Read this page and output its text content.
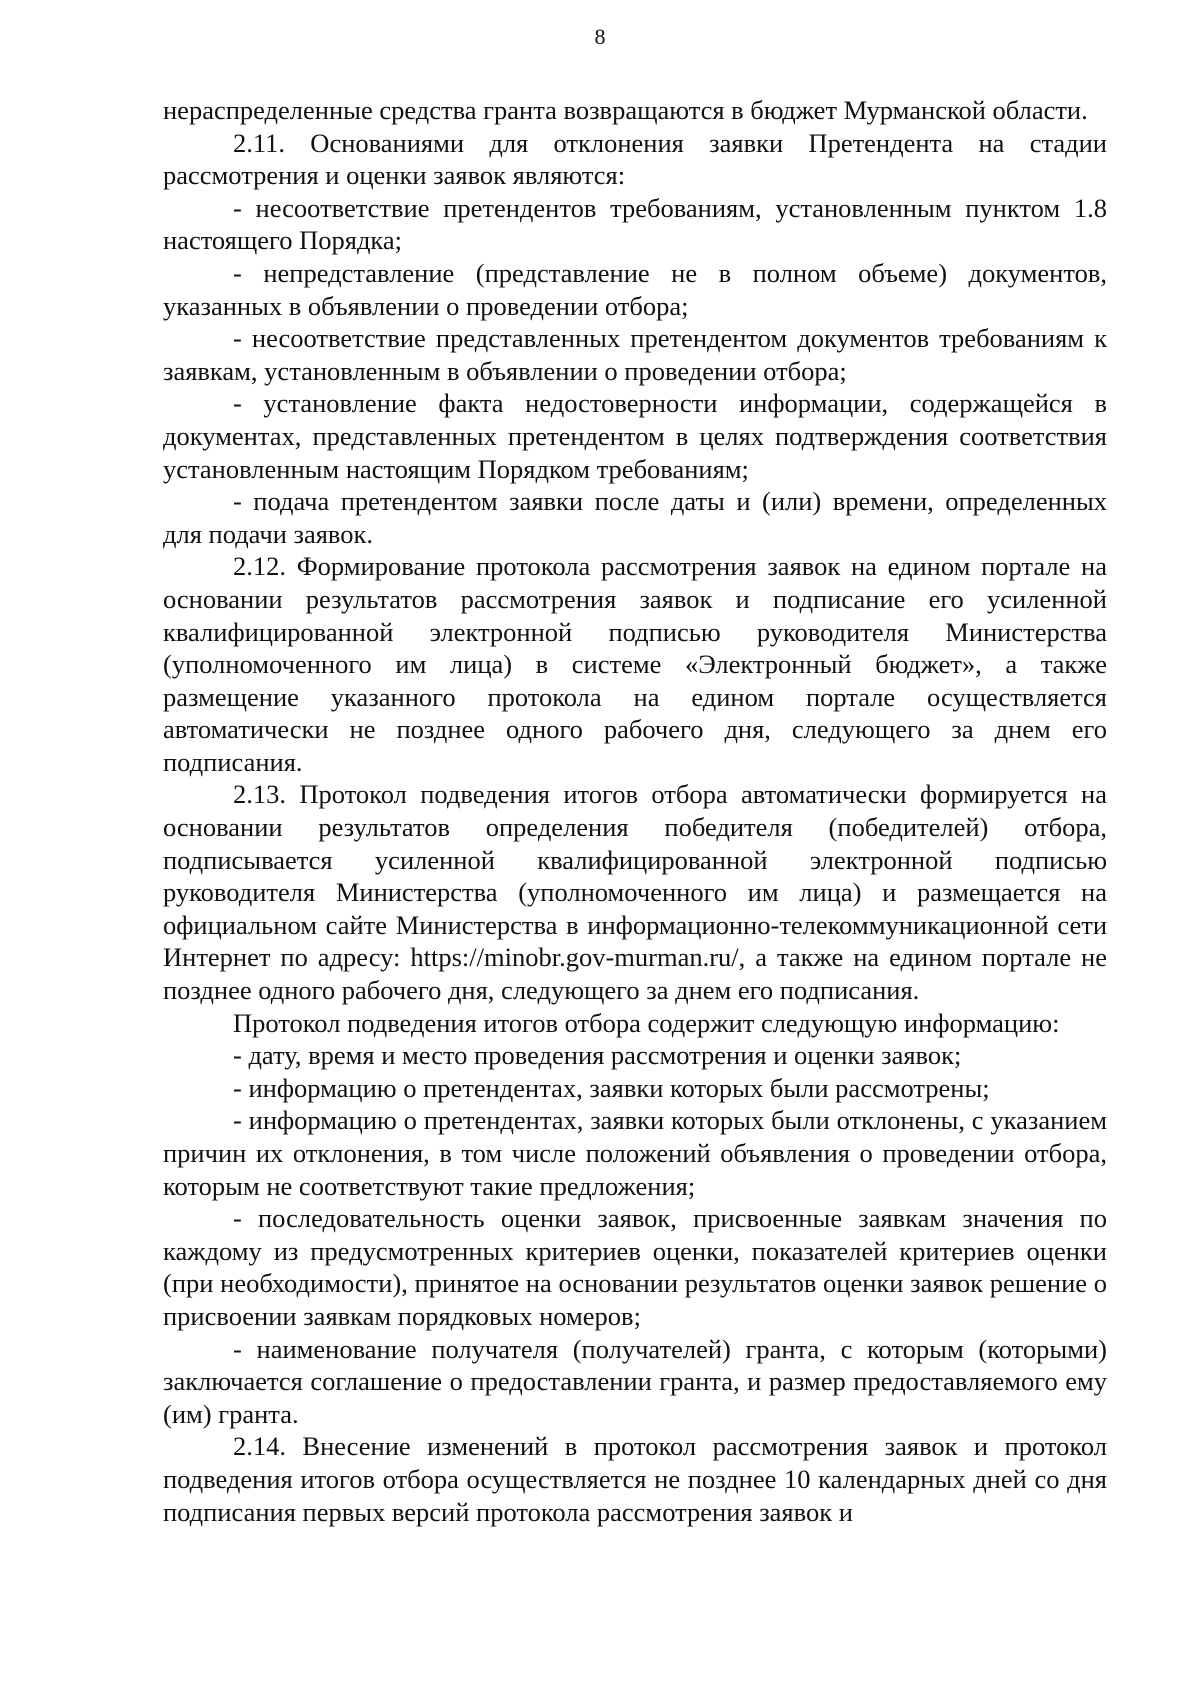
8

нераспределенные средства гранта возвращаются в бюджет Мурманской области.

2.11. Основаниями для отклонения заявки Претендента на стадии рассмотрения и оценки заявок являются:

- несоответствие претендентов требованиям, установленным пунктом 1.8 настоящего Порядка;

- непредставление (представление не в полном объеме) документов, указанных в объявлении о проведении отбора;

- несоответствие представленных претендентом документов требованиям к заявкам, установленным в объявлении о проведении отбора;

- установление факта недостоверности информации, содержащейся в документах, представленных претендентом в целях подтверждения соответствия установленным настоящим Порядком требованиям;

- подача претендентом заявки после даты и (или) времени, определенных для подачи заявок.

2.12. Формирование протокола рассмотрения заявок на едином портале на основании результатов рассмотрения заявок и подписание его усиленной квалифицированной электронной подписью руководителя Министерства (уполномоченного им лица) в системе «Электронный бюджет», а также размещение указанного протокола на едином портале осуществляется автоматически не позднее одного рабочего дня, следующего за днем его подписания.

2.13. Протокол подведения итогов отбора автоматически формируется на основании результатов определения победителя (победителей) отбора, подписывается усиленной квалифицированной электронной подписью руководителя Министерства (уполномоченного им лица) и размещается на официальном сайте Министерства в информационно-телекоммуникационной сети Интернет по адресу: https://minobr.gov-murman.ru/, а также на едином портале не позднее одного рабочего дня, следующего за днем его подписания.

Протокол подведения итогов отбора содержит следующую информацию:

- дату, время и место проведения рассмотрения и оценки заявок;

- информацию о претендентах, заявки которых были рассмотрены;

- информацию о претендентах, заявки которых были отклонены, с указанием причин их отклонения, в том числе положений объявления о проведении отбора, которым не соответствуют такие предложения;

- последовательность оценки заявок, присвоенные заявкам значения по каждому из предусмотренных критериев оценки, показателей критериев оценки (при необходимости), принятое на основании результатов оценки заявок решение о присвоении заявкам порядковых номеров;

- наименование получателя (получателей) гранта, с которым (которыми) заключается соглашение о предоставлении гранта, и размер предоставляемого ему (им) гранта.

2.14. Внесение изменений в протокол рассмотрения заявок и протокол подведения итогов отбора осуществляется не позднее 10 календарных дней со дня подписания первых версий протокола рассмотрения заявок и
